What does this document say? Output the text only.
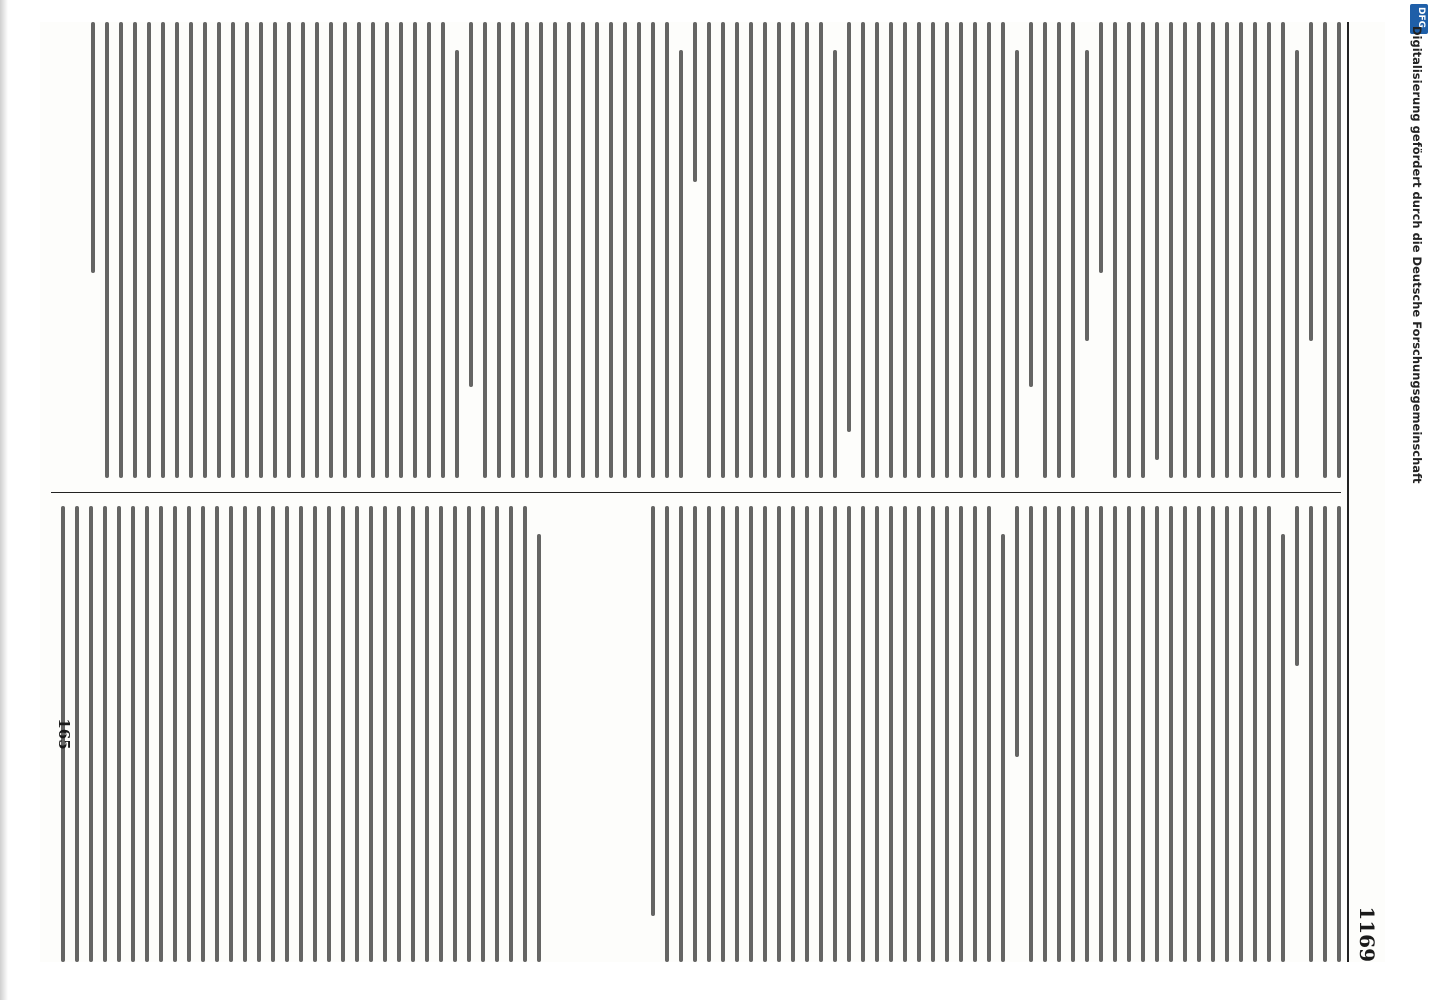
1169
165
DFG
Digitalisierung gefördert durch die Deutsche Forschungsgemeinschaft
